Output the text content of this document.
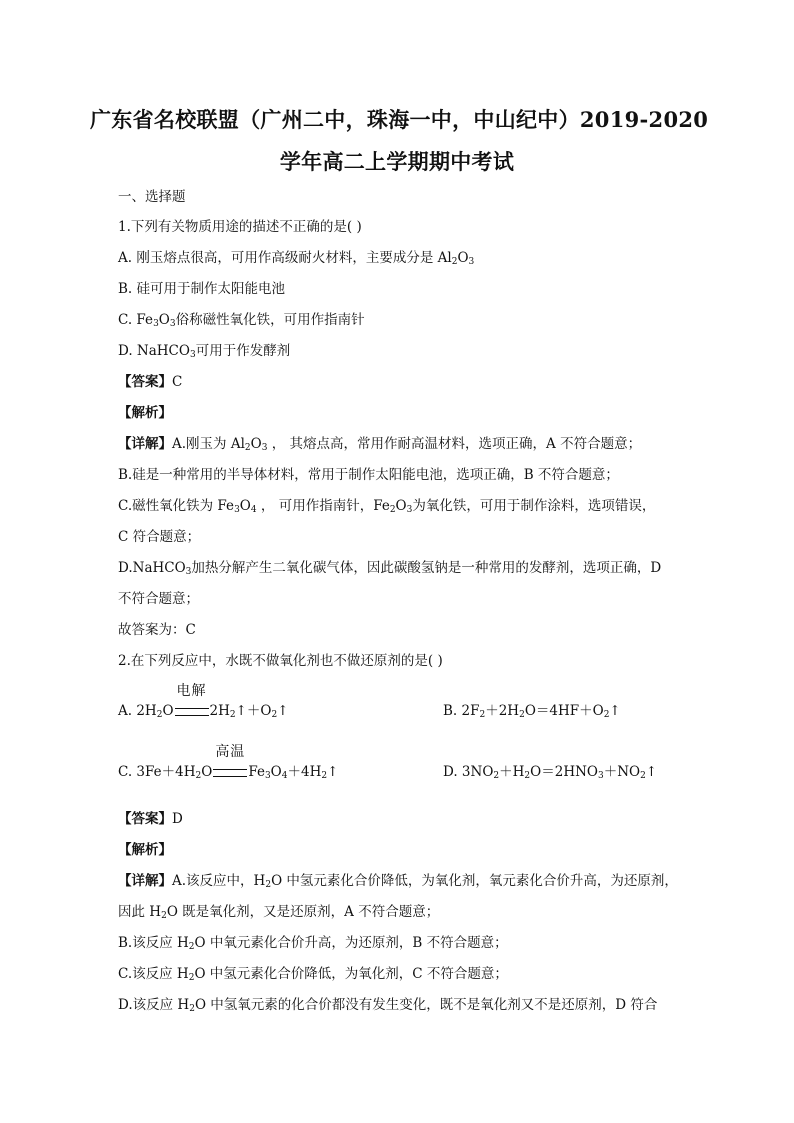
广东省名校联盟（广州二中，珠海一中，中山纪中）2019-2020
学年高二上学期期中考试
一、选择题
1.下列有关物质用途的描述不正确的是( )
A. 刚玉熔点很高，可用作高级耐火材料，主要成分是 $Al_2O_3$
B. 硅可用于制作太阳能电池
C. $Fe_3O_3$俗称磁性氧化铁，可用作指南针
D. NaHCO$_3$可用于作发酵剂
【答案】C
【解析】
【详解】A.刚玉为 $Al_2O_3$ ， 其熔点高，常用作耐高温材料，选项正确，A 不符合题意；
B.硅是一种常用的半导体材料，常用于制作太阳能电池，选项正确，B 不符合题意；
C.磁性氧化铁为 $Fe_3O_4$ ， 可用作指南针，$Fe_2O_3$为氧化铁，可用于制作涂料，选项错误，
C 符合题意；
D.NaHCO$_3$加热分解产生二氧化碳气体，因此碳酸氢钠是一种常用的发酵剂，选项正确，D
不符合题意；
故答案为：C
2.在下列反应中，水既不做氧化剂也不做还原剂的是( )
A. $2H_2O$
电解
$2H_2↑+O_2↑$	B. $2F_2+2H_2O=4HF+O_2↑$
C. $3Fe+4H_2O$
高温
$Fe_3O_4+4H_2↑$	D. $3NO_2+H_2O=2HNO_3+NO_2↑$
【答案】D
【解析】
【详解】A.该反应中，$H_2O$ 中氢元素化合价降低，为氧化剂，氧元素化合价升高，为还原剂，
因此 $H_2O$ 既是氧化剂，又是还原剂，A 不符合题意；
B.该反应 $H_2O$ 中氧元素化合价升高，为还原剂，B 不符合题意；
C.该反应 $H_2O$ 中氢元素化合价降低，为氧化剂，C 不符合题意；
D.该反应 $H_2O$ 中氢氧元素的化合价都没有发生变化，既不是氧化剂又不是还原剂，D 符合
